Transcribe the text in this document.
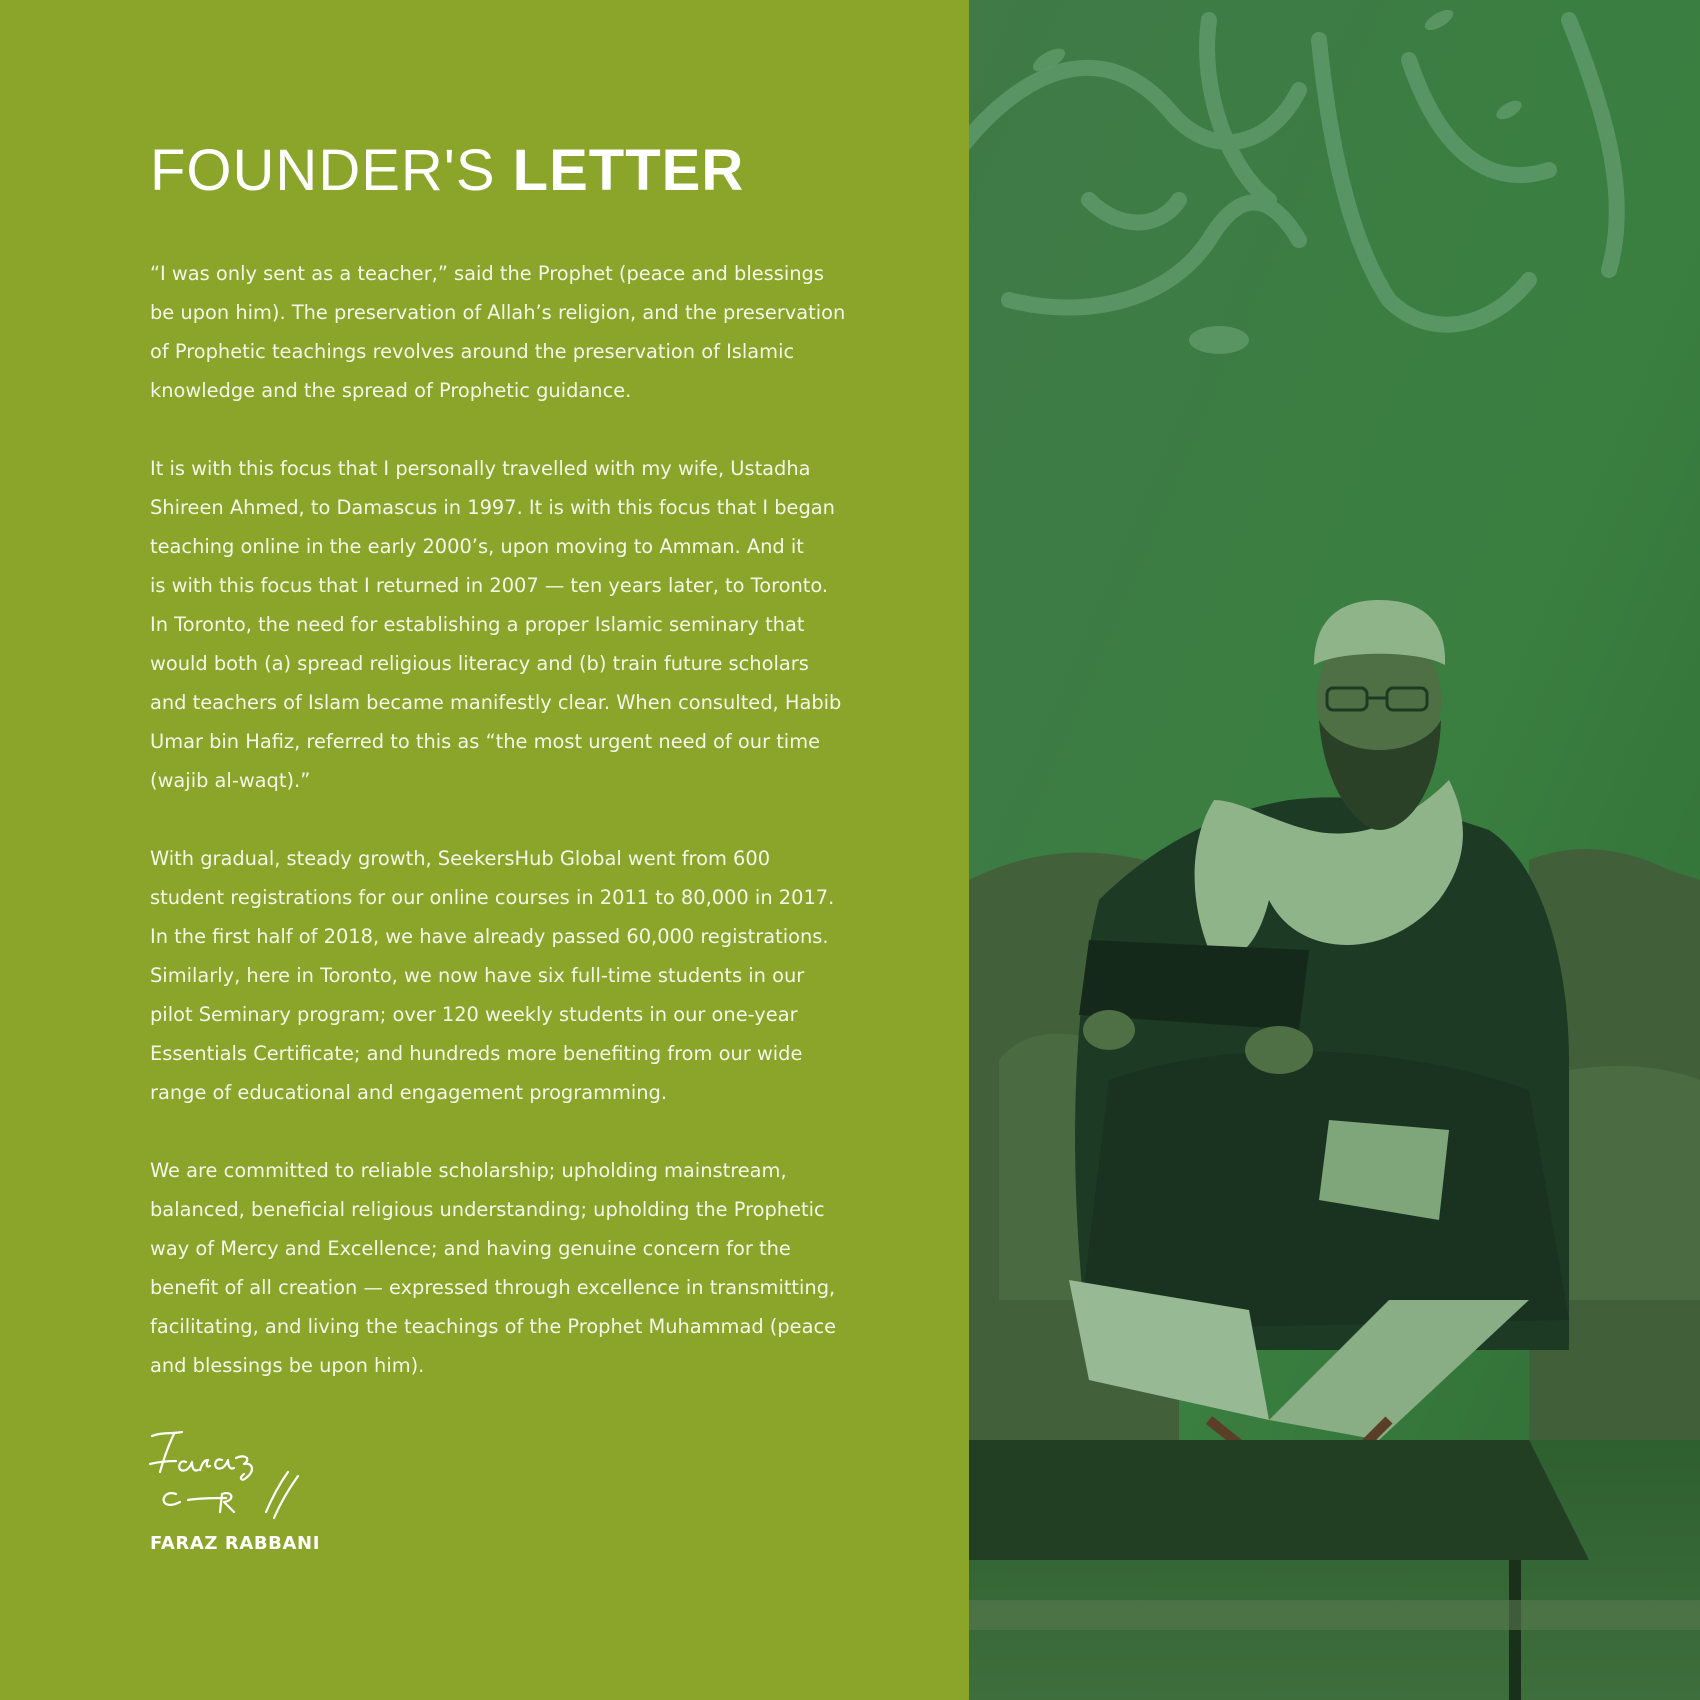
FOUNDER'S LETTER

“I was only sent as a teacher,” said the Prophet (peace and blessings
be upon him). The preservation of Allah’s religion, and the preservation
of Prophetic teachings revolves around the preservation of Islamic
knowledge and the spread of Prophetic guidance.

It is with this focus that I personally travelled with my wife, Ustadha
Shireen Ahmed, to Damascus in 1997. It is with this focus that I began
teaching online in the early 2000’s, upon moving to Amman. And it
is with this focus that I returned in 2007 — ten years later, to Toronto.
In Toronto, the need for establishing a proper Islamic seminary that
would both (a) spread religious literacy and (b) train future scholars
and teachers of Islam became manifestly clear. When consulted, Habib
Umar bin Hafiz, referred to this as “the most urgent need of our time
(wajib al-waqt).”

With gradual, steady growth, SeekersHub Global went from 600
student registrations for our online courses in 2011 to 80,000 in 2017.
In the first half of 2018, we have already passed 60,000 registrations.
Similarly, here in Toronto, we now have six full-time students in our
pilot Seminary program; over 120 weekly students in our one-year
Essentials Certificate; and hundreds more benefiting from our wide
range of educational and engagement programming.

We are committed to reliable scholarship; upholding mainstream,
balanced, beneficial religious understanding; upholding the Prophetic
way of Mercy and Excellence; and having genuine concern for the
benefit of all creation — expressed through excellence in transmitting,
facilitating, and living the teachings of the Prophet Muhammad (peace
and blessings be upon him).

FARAZ RABBANI
